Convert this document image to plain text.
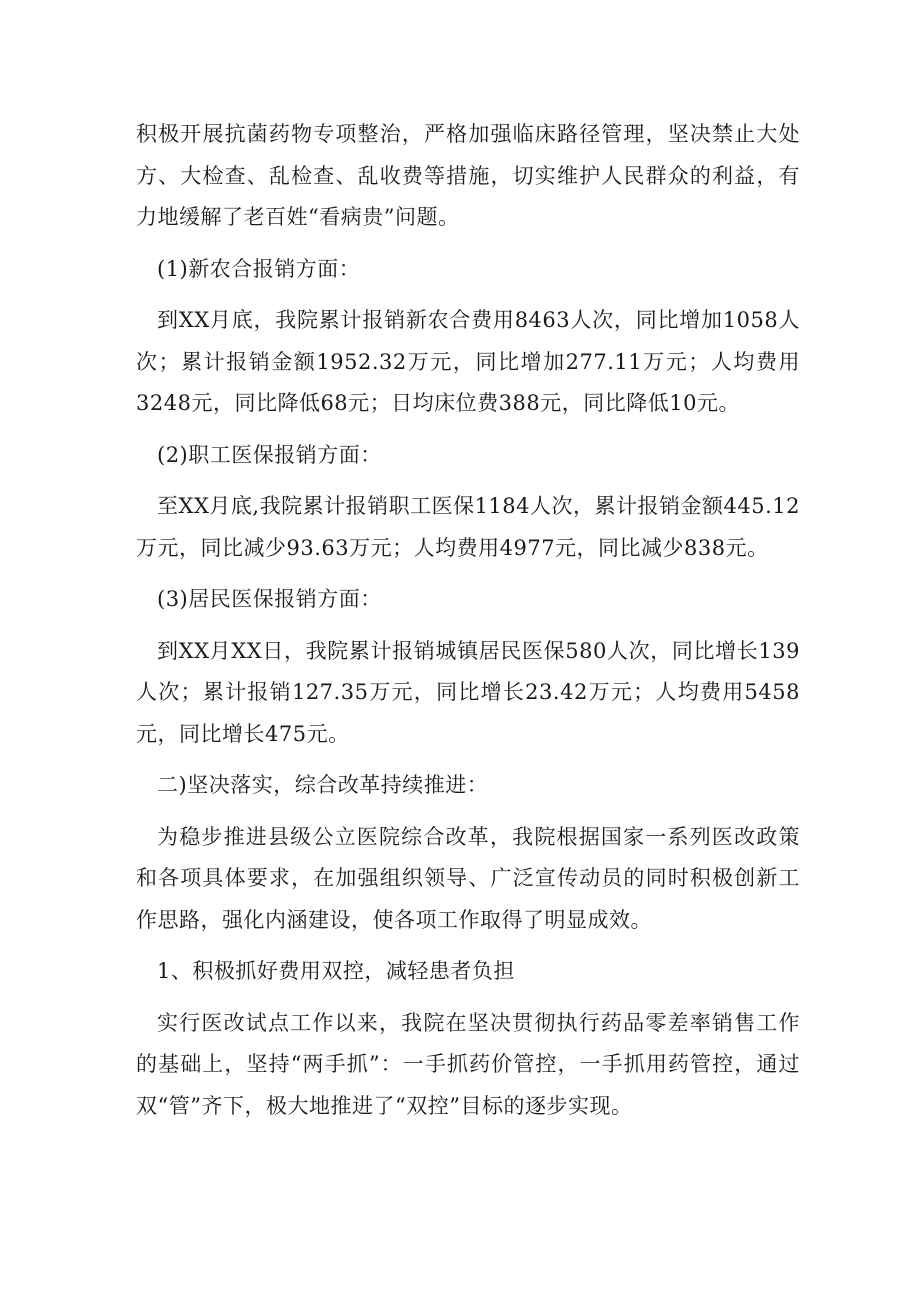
积极开展抗菌药物专项整治，严格加强临床路径管理，坚决禁止大处方、大检查、乱检查、乱收费等措施，切实维护人民群众的利益，有力地缓解了老百姓“看病贵”问题。

(1)新农合报销方面：

到XX月底，我院累计报销新农合费用8463人次，同比增加1058人次；累计报销金额1952.32万元，同比增加277.11万元；人均费用3248元，同比降低68元；日均床位费388元，同比降低10元。

(2)职工医保报销方面：

至XX月底,我院累计报销职工医保1184人次，累计报销金额445.12万元，同比减少93.63万元；人均费用4977元，同比减少838元。

(3)居民医保报销方面：

到XX月XX日，我院累计报销城镇居民医保580人次，同比增长139人次；累计报销127.35万元，同比增长23.42万元；人均费用5458元，同比增长475元。

二)坚决落实，综合改革持续推进：

为稳步推进县级公立医院综合改革，我院根据国家一系列医改政策和各项具体要求，在加强组织领导、广泛宣传动员的同时积极创新工作思路，强化内涵建设，使各项工作取得了明显成效。

1、积极抓好费用双控，减轻患者负担

实行医改试点工作以来，我院在坚决贯彻执行药品零差率销售工作的基础上，坚持“两手抓”：一手抓药价管控，一手抓用药管控，通过双“管”齐下，极大地推进了“双控”目标的逐步实现。
